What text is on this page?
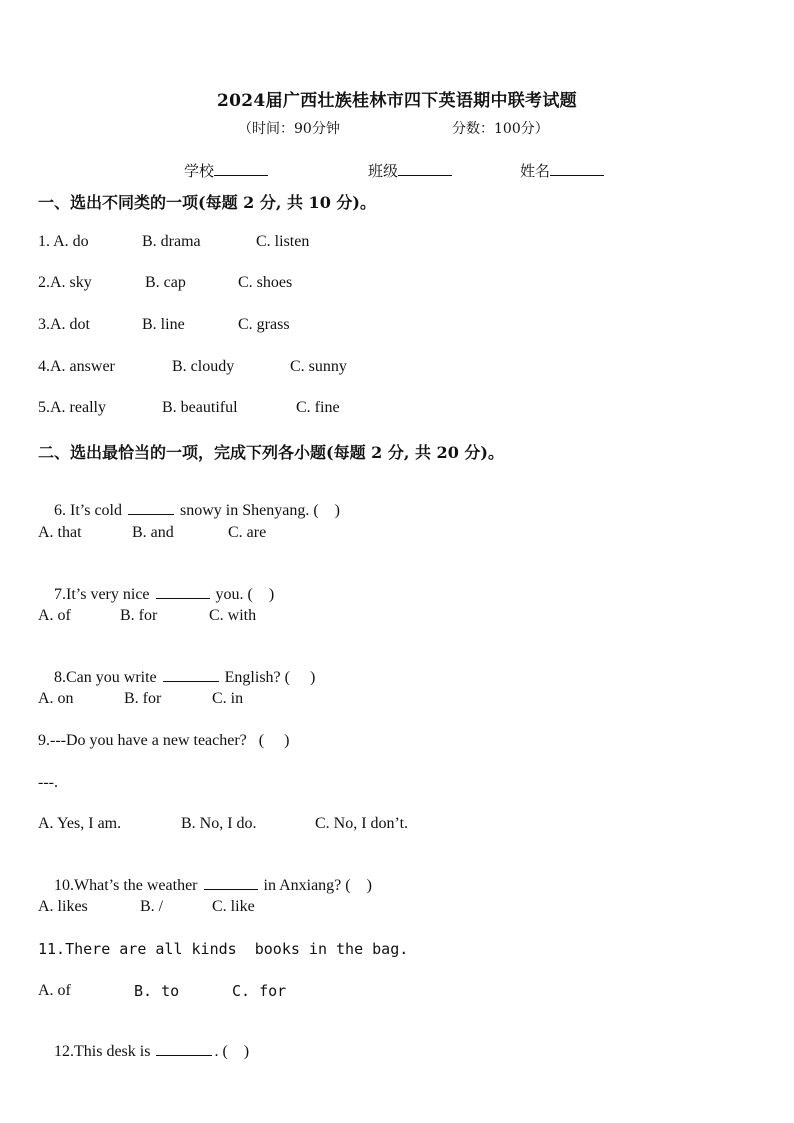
2024届广西壮族桂林市四下英语期中联考试题
（时间：90分钟	分数：100分）
学校	班级	姓名
一、选出不同类的一项(每题 2 分, 共 10 分)。
1. A. do	B. drama	C. listen
2.A. sky	B. cap	C. shoes
3.A. dot	B. line	C. grass
4.A. answer	B. cloudy	C. sunny
5.A. really	B. beautiful	C. fine
二、选出最恰当的一项，完成下列各小题(每题 2 分, 共 20 分)。

6. It’s cold	snowy in Shenyang. (    )

A. that	B. and	C. are

7.It’s very nice	you. (    )

A. of	B. for	C. with

8.Can you write	English? (     )

A. on	B. for	C. in
9.---Do you have a new teacher?   (     )
---.
A. Yes, I am.	B. No, I do.	C. No, I don’t.

10.What’s the weather	in Anxiang? (    )

A. likes	B. /	C. like
11.There are all kinds  books in the bag.
A. of	B. to	C. for

12.This desk is	. (    )
